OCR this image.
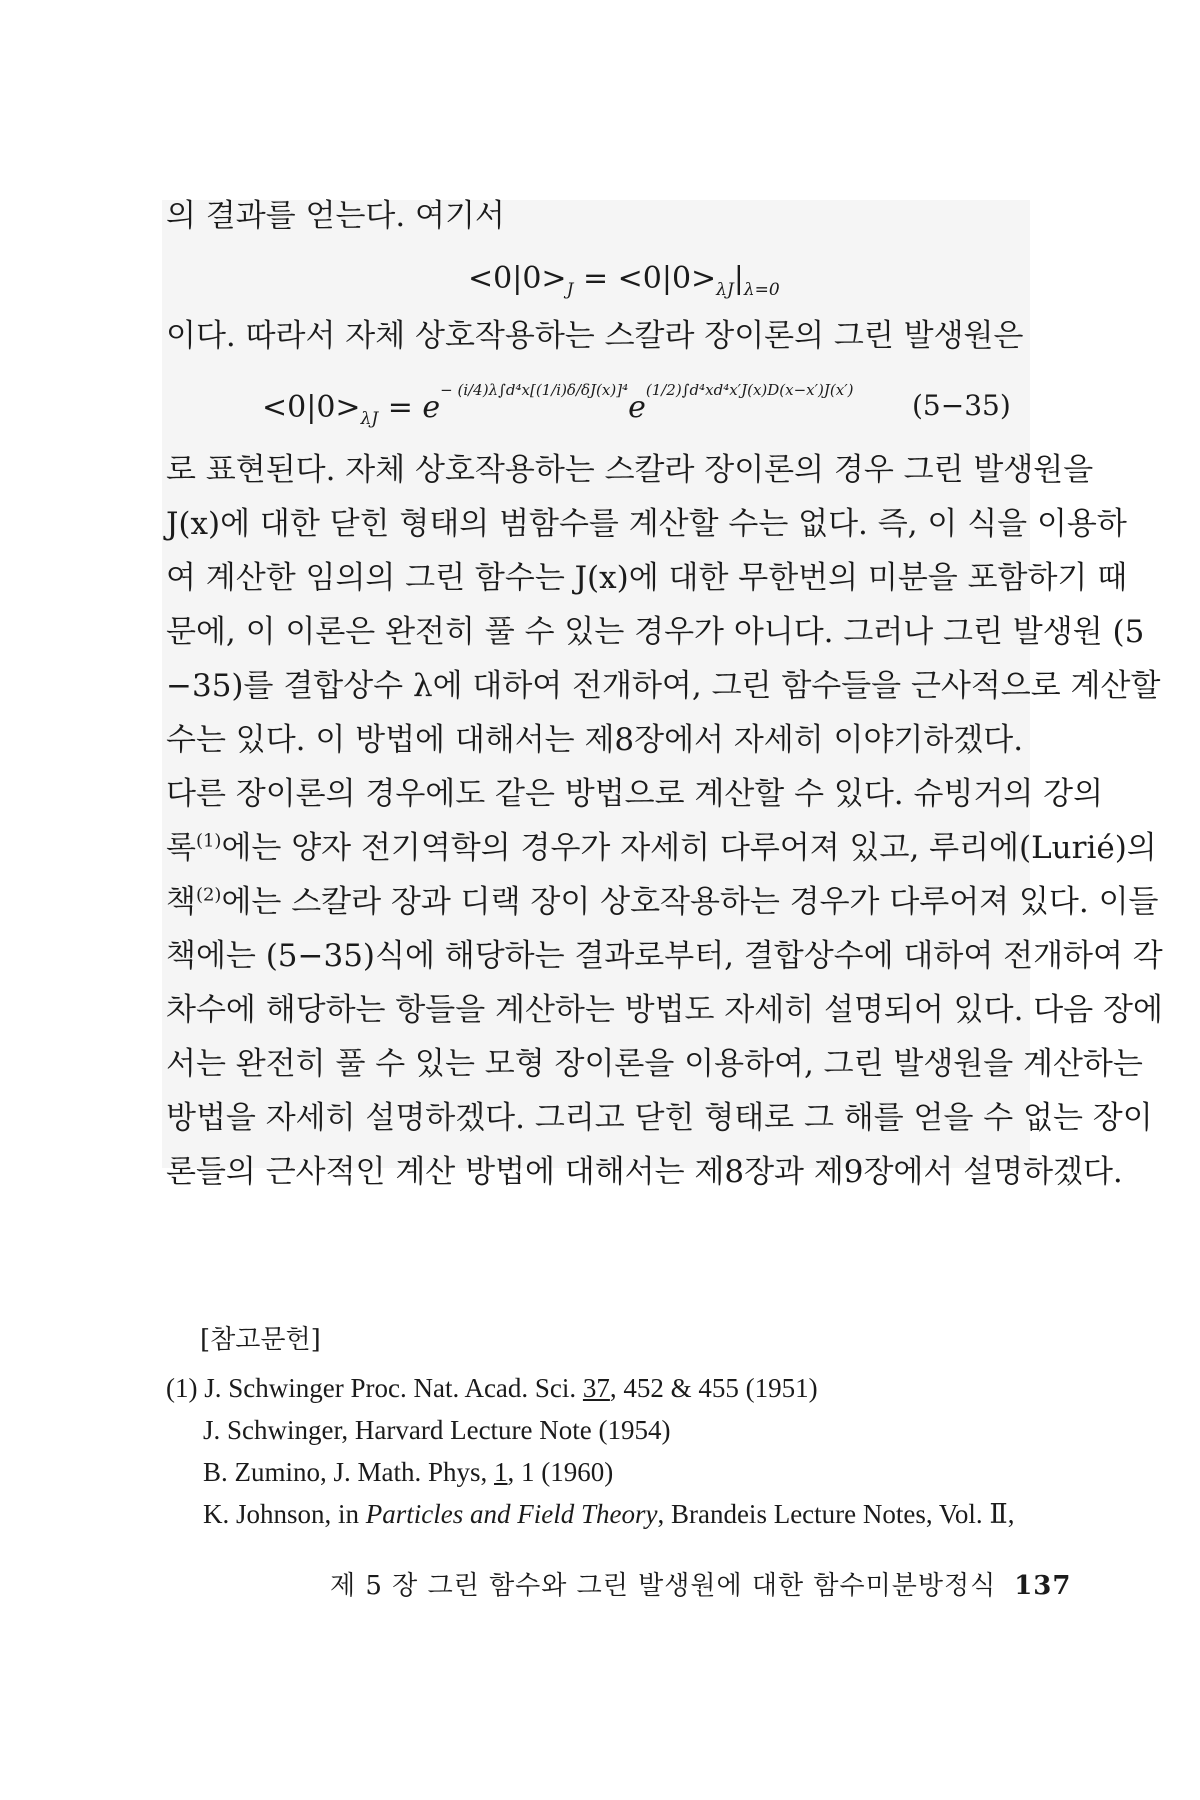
의 결과를 얻는다. 여기서
$<0|0>_J = <0|0>_{\lambda J}|_{\lambda=0}$
이다. 따라서 자체 상호작용하는 스칼라 장이론의 그린 발생원은
$<0|0>_{\lambda J} = e^{- (i/4)\lambda\int d^4x[(1/i)\delta/\delta J(x)]^4}e^{(1/2)\int d^4xd^4x'J(x)D(x-x')J(x')}$ (5−35)
로 표현된다. 자체 상호작용하는 스칼라 장이론의 경우 그린 발생원을
J(x)에 대한 닫힌 형태의 범함수를 계산할 수는 없다. 즉, 이 식을 이용하
여 계산한 임의의 그린 함수는 J(x)에 대한 무한번의 미분을 포함하기 때
문에, 이 이론은 완전히 풀 수 있는 경우가 아니다. 그러나 그린 발생원 (5
−35)를 결합상수 λ에 대하여 전개하여, 그린 함수들을 근사적으로 계산할
수는 있다. 이 방법에 대해서는 제8장에서 자세히 이야기하겠다.
다른 장이론의 경우에도 같은 방법으로 계산할 수 있다. 슈빙거의 강의
록$^{(1)}$에는 양자 전기역학의 경우가 자세히 다루어져 있고, 루리에(Lurié)의
책$^{(2)}$에는 스칼라 장과 디랙 장이 상호작용하는 경우가 다루어져 있다. 이들
책에는 (5−35)식에 해당하는 결과로부터, 결합상수에 대하여 전개하여 각
차수에 해당하는 항들을 계산하는 방법도 자세히 설명되어 있다. 다음 장에
서는 완전히 풀 수 있는 모형 장이론을 이용하여, 그린 발생원을 계산하는
방법을 자세히 설명하겠다. 그리고 닫힌 형태로 그 해를 얻을 수 없는 장이
론들의 근사적인 계산 방법에 대해서는 제8장과 제9장에서 설명하겠다.
[참고문헌]
(1) J. Schwinger Proc. Nat. Acad. Sci. 37, 452 & 455 (1951)
J. Schwinger, Harvard Lecture Note (1954)
B. Zumino, J. Math. Phys, 1, 1 (1960)
K. Johnson, in Particles and Field Theory, Brandeis Lecture Notes, Vol. Ⅱ,
제 5 장 그린 함수와 그린 발생원에 대한 함수미분방정식 137
